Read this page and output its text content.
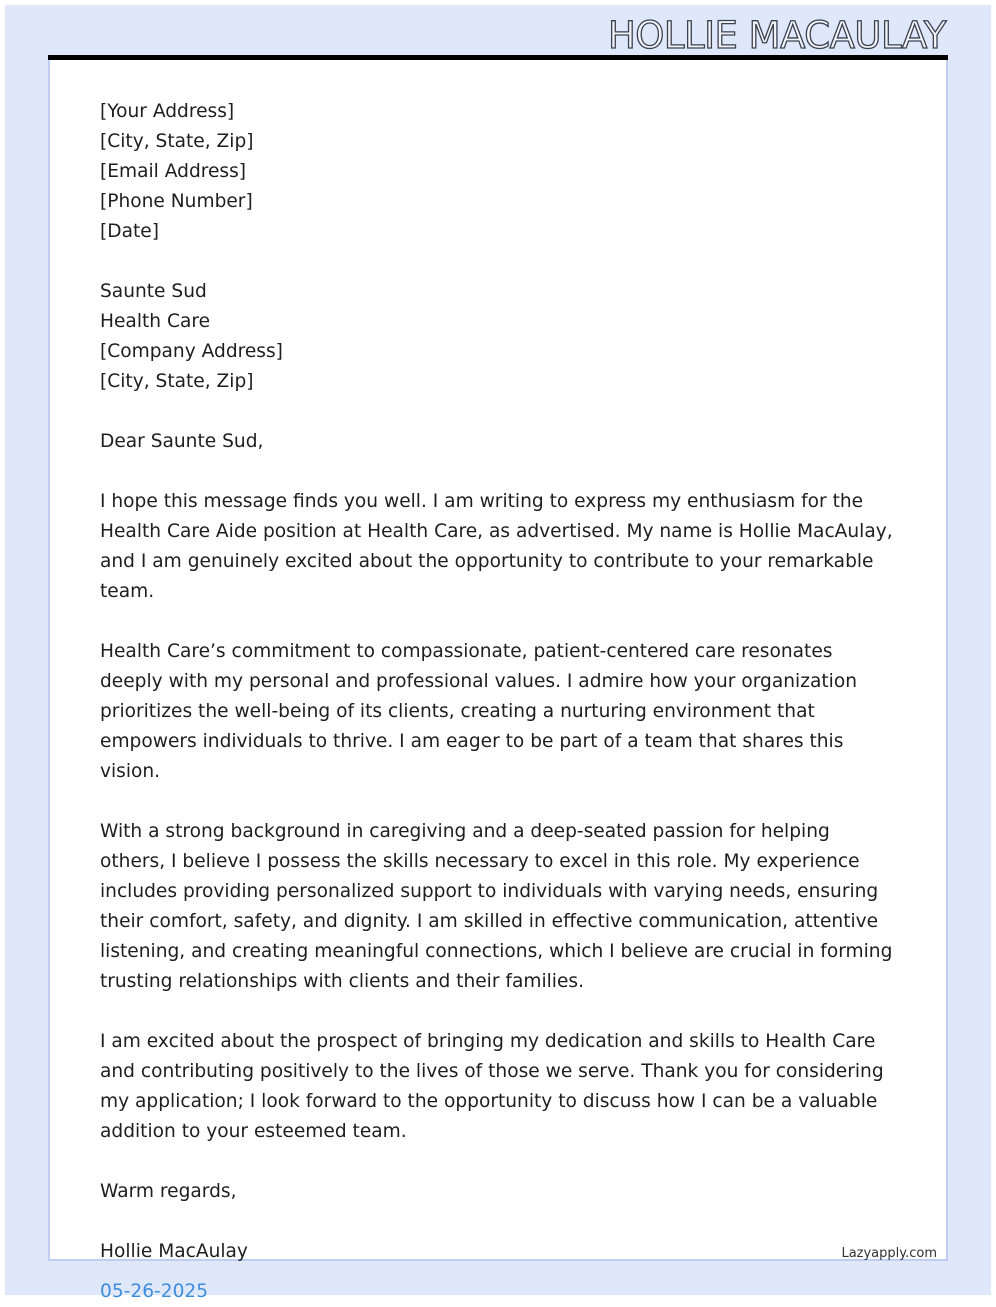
HOLLIE MACAULAY
[Your Address]
[City, State, Zip]
[Email Address]
[Phone Number]
[Date]
Saunte Sud
Health Care
[Company Address]
[City, State, Zip]
Dear Saunte Sud,

I hope this message finds you well. I am writing to express my enthusiasm for the Health Care Aide position at Health Care, as advertised. My name is Hollie MacAulay, and I am genuinely excited about the opportunity to contribute to your remarkable team.

Health Care’s commitment to compassionate, patient-centered care resonates deeply with my personal and professional values. I admire how your organization prioritizes the well-being of its clients, creating a nurturing environment that empowers individuals to thrive. I am eager to be part of a team that shares this vision.

With a strong background in caregiving and a deep-seated passion for helping others, I believe I possess the skills necessary to excel in this role. My experience includes providing personalized support to individuals with varying needs, ensuring their comfort, safety, and dignity. I am skilled in effective communication, attentive listening, and creating meaningful connections, which I believe are crucial in forming trusting relationships with clients and their families.

I am excited about the prospect of bringing my dedication and skills to Health Care and contributing positively to the lives of those we serve. Thank you for considering my application; I look forward to the opportunity to discuss how I can be a valuable addition to your esteemed team.

Warm regards,
Hollie MacAulay
05-26-2025
Lazyapply.com
